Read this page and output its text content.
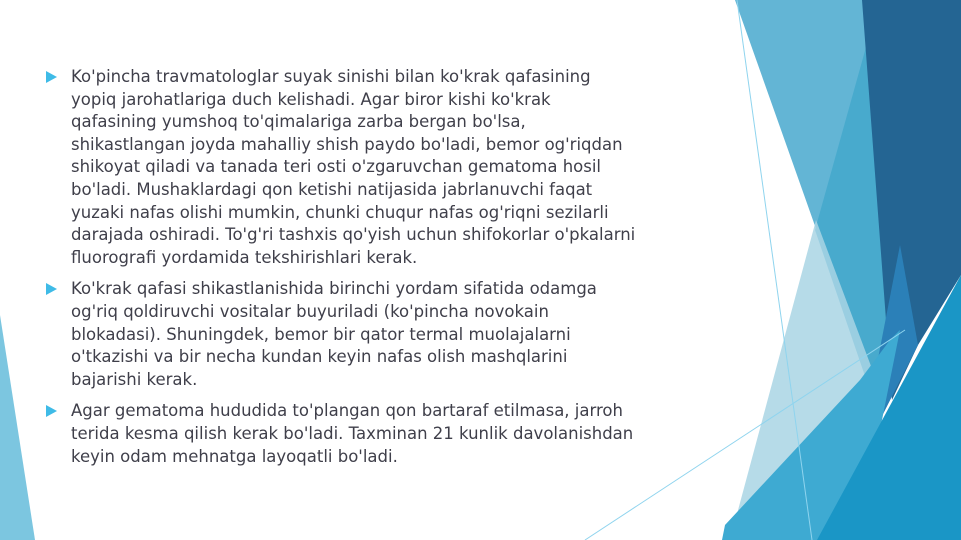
Ko'pincha travmatologlar suyak sinishi bilan ko'krak qafasining
yopiq jarohatlariga duch kelishadi. Agar biror kishi ko'krak
qafasining yumshoq to'qimalariga zarba bergan bo'lsa,
shikastlangan joyda mahalliy shish paydo bo'ladi, bemor og'riqdan
shikoyat qiladi va tanada teri osti o'zgaruvchan gematoma hosil
bo'ladi. Mushaklardagi qon ketishi natijasida jabrlanuvchi faqat
yuzaki nafas olishi mumkin, chunki chuqur nafas og'riqni sezilarli
darajada oshiradi. To'g'ri tashxis qo'yish uchun shifokorlar o'pkalarni
fluorografi yordamida tekshirishlari kerak.
Ko'krak qafasi shikastlanishida birinchi yordam sifatida odamga
og'riq qoldiruvchi vositalar buyuriladi (ko'pincha novokain
blokadasi). Shuningdek, bemor bir qator termal muolajalarni
o'tkazishi va bir necha kundan keyin nafas olish mashqlarini
bajarishi kerak.
Agar gematoma hududida to'plangan qon bartaraf etilmasa, jarroh
terida kesma qilish kerak bo'ladi. Taxminan 21 kunlik davolanishdan
keyin odam mehnatga layoqatli bo'ladi.
